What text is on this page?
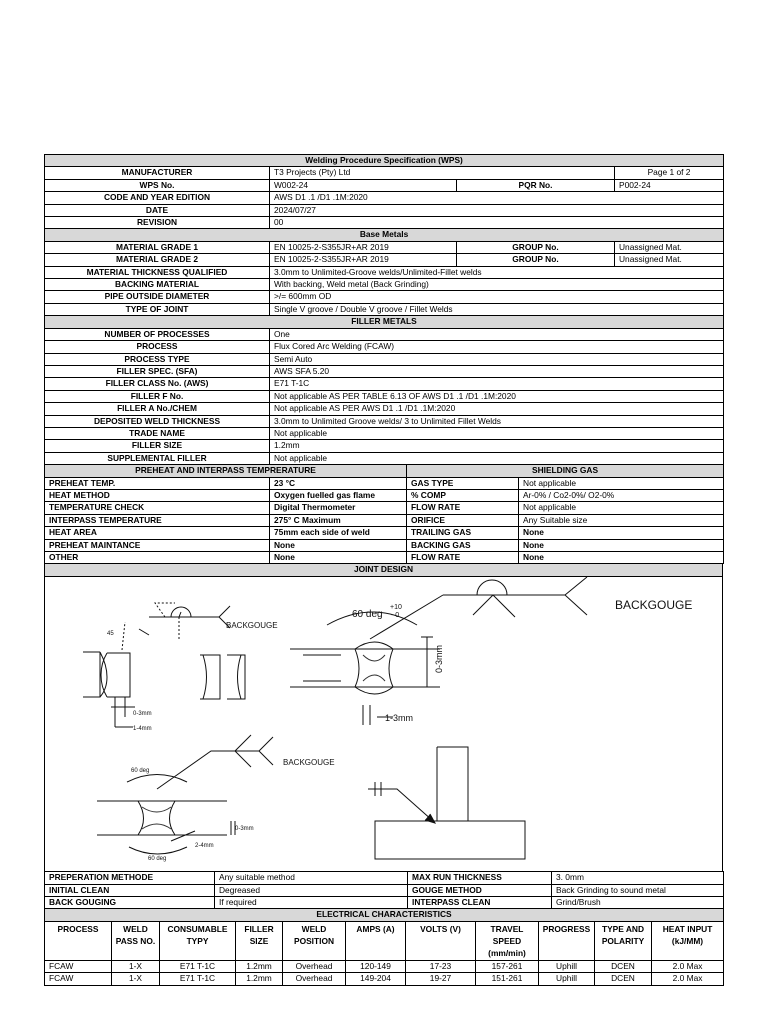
Welding Procedure Specification (WPS)			
MANUFACTURER	T3 Projects (Pty) Ltd		Page 1 of 2
WPS No.	W002-24	PQR No.	P002-24
CODE AND YEAR EDITION	AWS D1 .1 /D1 .1M:2020		
DATE	2024/07/27		
REVISION	00		
Base Metals			
MATERIAL GRADE 1	EN 10025-2-S355JR+AR 2019	GROUP No.	Unassigned Mat.
MATERIAL GRADE 2	EN 10025-2-S355JR+AR 2019	GROUP No.	Unassigned Mat.
MATERIAL THICKNESS QUALIFIED	3.0mm to Unlimited-Groove welds/Unlimited-Fillet welds		
BACKING MATERIAL	With backing, Weld metal (Back Grinding)		
PIPE OUTSIDE DIAMETER	>/= 600mm OD		
TYPE OF JOINT	Single V groove / Double V groove / Fillet Welds		
FILLER METALS			
NUMBER OF PROCESSES	One		
PROCESS	Flux Cored Arc Welding (FCAW)		
PROCESS TYPE	Semi Auto		
FILLER SPEC. (SFA)	AWS SFA 5.20		
FILLER CLASS No. (AWS)	E71 T-1C		
FILLER F No.	Not applicable AS PER TABLE 6.13 OF AWS D1 .1 /D1 .1M:2020		
FILLER A No./CHEM	Not applicable AS PER AWS D1 .1 /D1 .1M:2020		
DEPOSITED WELD THICKNESS	3.0mm to Unlimited Groove welds/ 3 to Unlimited Fillet Welds		
TRADE NAME	Not applicable		
FILLER SIZE	1.2mm		
SUPPLEMENTAL FILLER	Not applicable		
PREHEAT AND INTERPASS TEMPRERATURE		SHIELDING GAS	
PREHEAT TEMP.	23 °C	GAS TYPE	Not applicable
HEAT METHOD	Oxygen fuelled gas flame	% COMP	Ar-0% / Co2-0%/ O2-0%
TEMPERATURE CHECK	Digital Thermometer	FLOW RATE	Not applicable
INTERPASS TEMPERATURE	275° C Maximum	ORIFICE	Any Suitable size
HEAT AREA	75mm each side of weld	TRAILING GAS	None
PREHEAT MAINTANCE	None	BACKING GAS	None
OTHER	None	FLOW RATE	None
JOINT DESIGN

BACKGOUGE
45
0-3mm
1-4mm
60 deg
+10
- 0
0-3mm
1-3mm
BACKGOUGE
60 deg
BACKGOUGE
0-3mm
2-4mm
60 deg
PREPERATION METHODE	Any suitable method	MAX RUN THICKNESS	3. 0mm
INITIAL CLEAN	Degreased	GOUGE METHOD	Back Grinding to sound metal
BACK GOUGING	If required	INTERPASS CLEAN	Grind/Brush
ELECTRICAL CHARACTERISTICS										
PROCESS	WELD PASS NO.	CONSUMABLE TYPY	FILLER SIZE	WELD POSITION	AMPS (A)	VOLTS (V)	TRAVEL SPEED (mm/min)	PROGRESS	TYPE AND POLARITY	HEAT INPUT (kJ/MM)
FCAW	1-X	E71 T-1C	1.2mm	Overhead	120-149	17-23	157-261	Uphill	DCEN	2.0 Max
FCAW	1-X	E71 T-1C	1.2mm	Overhead	149-204	19-27	151-261	Uphill	DCEN	2.0 Max
